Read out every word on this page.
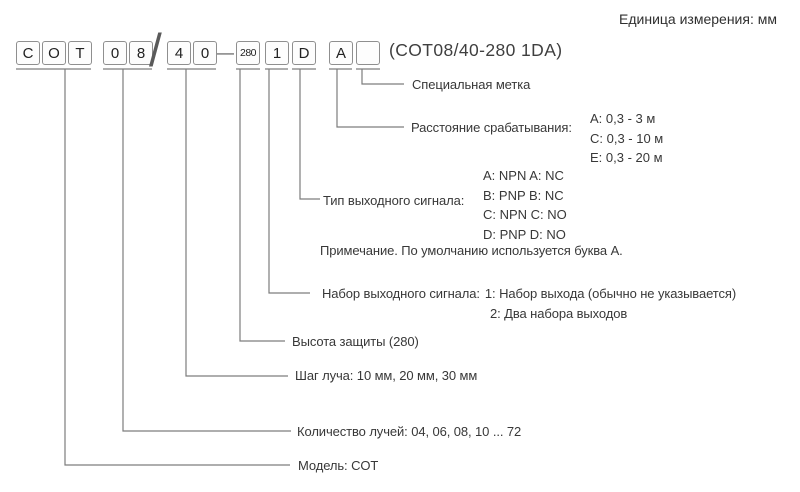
Единица измерения: мм
(COT08/40-280 1DA)
C O	T	0	8 / 4	0 — 280	1	D	A
Специальная метка
Расстояние срабатывания:
A: 0,3 - 3 м
C: 0,3 - 10 м
E: 0,3 - 20 м
Тип выходного сигнала:
A: NPN A: NC
B: PNP B: NC
C: NPN C: NO
D: PNP D: NO
Примечание. По умолчанию используется буква A.
Набор выходного сигнала: 1: Набор выхода (обычно не указывается)
2: Два набора выходов
Высота защиты (280)
Шаг луча: 10 мм, 20 мм, 30 мм
Количество лучей: 04, 06, 08, 10 ... 72
Модель: COT
